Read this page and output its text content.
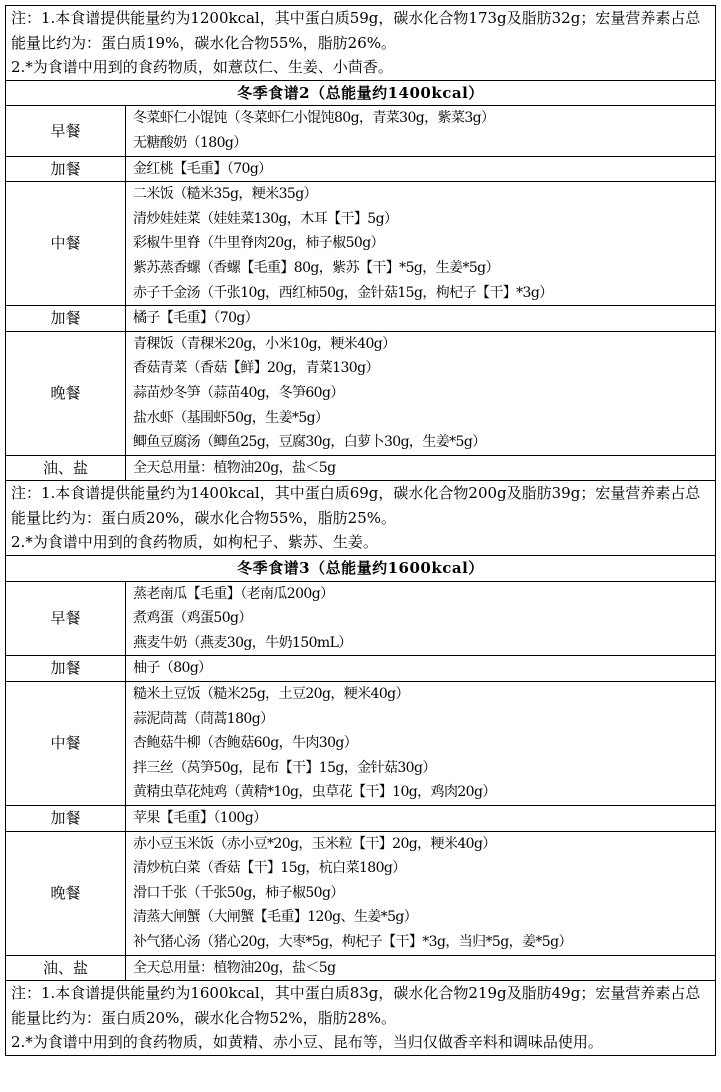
注：1.本食谱提供能量约为1200kcal，其中蛋白质59g，碳水化合物173g及脂肪32g；宏量营养素占总能量比约为：蛋白质19%，碳水化合物55%，脂肪26%。
2.*为食谱中用到的食药物质，如薏苡仁、生姜、小茴香。	

冬季食谱2（总能量约1400kcal）	
早餐	冬菜虾仁小馄饨（冬菜虾仁小馄饨80g，青菜30g，紫菜3g）
无糖酸奶（180g）

加餐	金红桃【毛重】（70g）

中餐	二米饭（糙米35g，粳米35g）
清炒娃娃菜（娃娃菜130g，木耳【干】5g）
彩椒牛里脊（牛里脊肉20g，柿子椒50g）
紫苏蒸香螺（香螺【毛重】80g，紫苏【干】*5g，生姜*5g）
赤子千金汤（千张10g，西红柿50g，金针菇15g，枸杞子【干】*3g）

加餐	橘子【毛重】（70g）

晚餐	青稞饭（青稞米20g，小米10g，粳米40g）
香菇青菜（香菇【鲜】20g，青菜130g）
蒜苗炒冬笋（蒜苗40g，冬笋60g）
盐水虾（基围虾50g，生姜*5g）
鲫鱼豆腐汤（鲫鱼25g，豆腐30g，白萝卜30g，生姜*5g）

油、盐	全天总用量：植物油20g，盐＜5g

注：1.本食谱提供能量约为1400kcal，其中蛋白质69g，碳水化合物200g及脂肪39g；宏量营养素占总能量比约为：蛋白质20%，碳水化合物55%，脂肪25%。
2.*为食谱中用到的食药物质，如枸杞子、紫苏、生姜。	

冬季食谱3（总能量约1600kcal）	
早餐	蒸老南瓜【毛重】（老南瓜200g）
煮鸡蛋（鸡蛋50g）
燕麦牛奶（燕麦30g，牛奶150mL）

加餐	柚子（80g）

中餐	糙米土豆饭（糙米25g，土豆20g，粳米40g）
蒜泥茼蒿（茼蒿180g）
杏鲍菇牛柳（杏鲍菇60g，牛肉30g）
拌三丝（莴笋50g，昆布【干】15g，金针菇30g）
黄精虫草花炖鸡（黄精*10g，虫草花【干】10g，鸡肉20g）

加餐	苹果【毛重】（100g）

晚餐	赤小豆玉米饭（赤小豆*20g，玉米粒【干】20g，粳米40g）
清炒杭白菜（香菇【干】15g，杭白菜180g）
滑口千张（千张50g，柿子椒50g）
清蒸大闸蟹（大闸蟹【毛重】120g、生姜*5g）
补气猪心汤（猪心20g，大枣*5g，枸杞子【干】*3g，当归*5g，姜*5g）

油、盐	全天总用量：植物油20g，盐＜5g

注：1.本食谱提供能量约为1600kcal，其中蛋白质83g，碳水化合物219g及脂肪49g；宏量营养素占总能量比约为：蛋白质20%，碳水化合物52%，脂肪28%。
2.*为食谱中用到的食药物质，如黄精、赤小豆、昆布等，当归仅做香辛料和调味品使用。	
